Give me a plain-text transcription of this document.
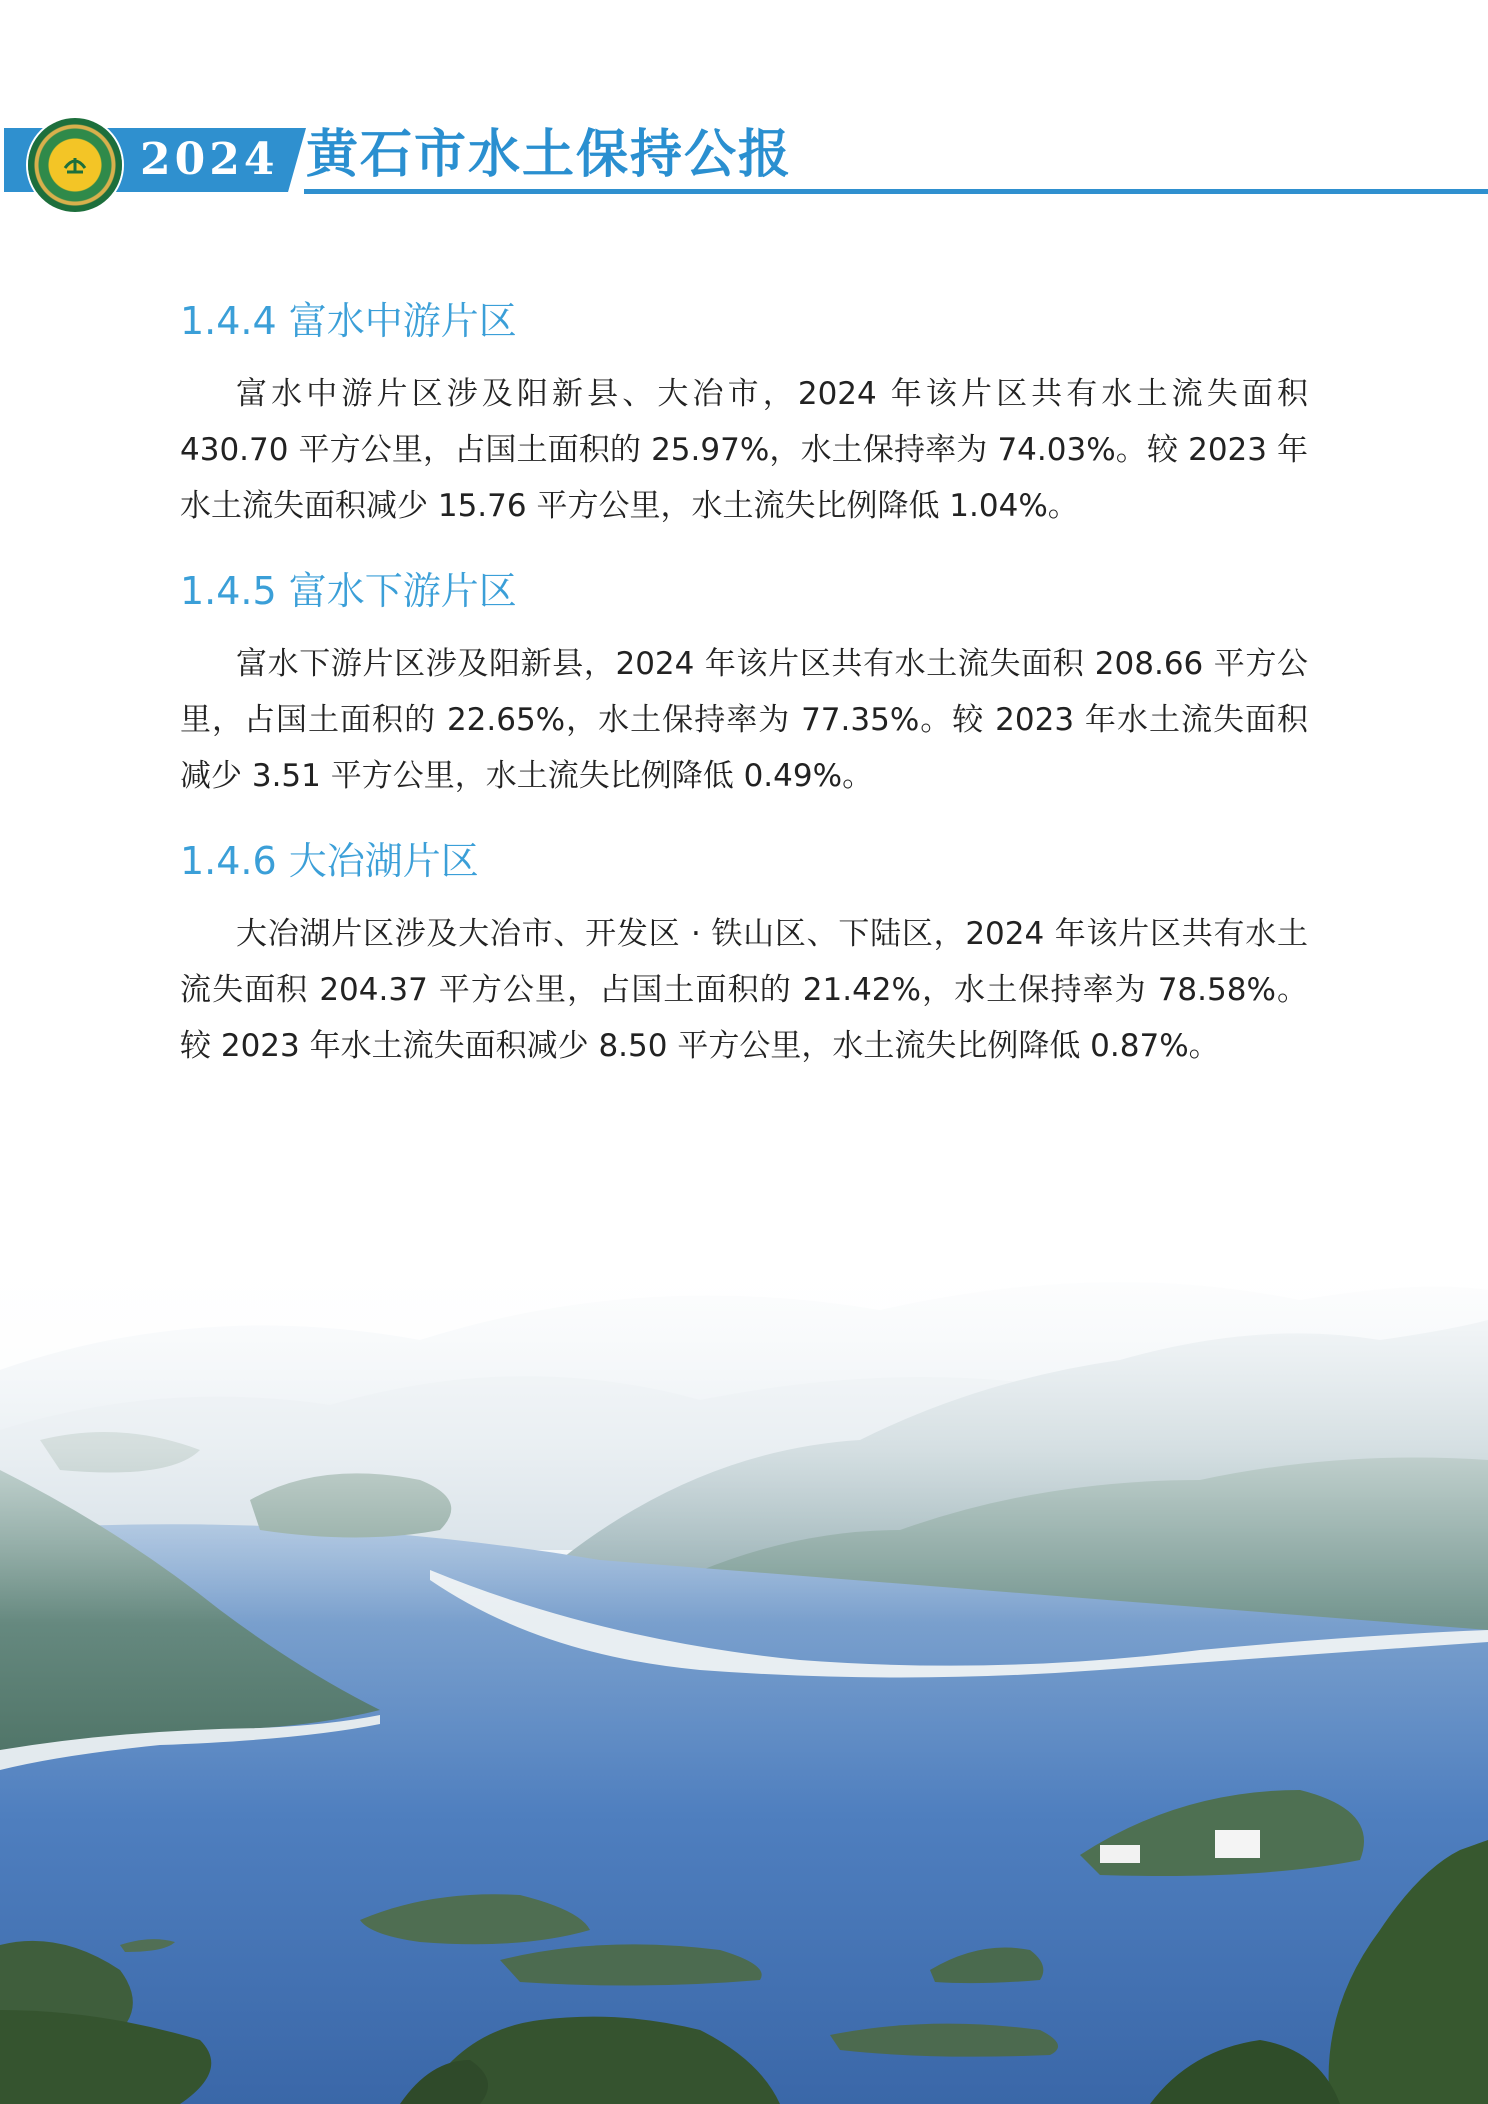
2024 黄石市水土保持公报
1.4.4 富水中游片区

富水中游片区涉及阳新县、大冶市，2024 年该片区共有水土流失面积 430.70 平方公里，占国土面积的 25.97%，水土保持率为 74.03%。较 2023 年水土流失面积减少 15.76 平方公里，水土流失比例降低 1.04%。

1.4.5 富水下游片区

富水下游片区涉及阳新县，2024 年该片区共有水土流失面积 208.66 平方公里，占国土面积的 22.65%，水土保持率为 77.35%。较 2023 年水土流失面积减少 3.51 平方公里，水土流失比例降低 0.49%。

1.4.6 大冶湖片区

大冶湖片区涉及大冶市、开发区 · 铁山区、下陆区，2024 年该片区共有水土流失面积 204.37 平方公里，占国土面积的 21.42%，水土保持率为 78.58%。较 2023 年水土流失面积减少 8.50 平方公里，水土流失比例降低 0.87%。
